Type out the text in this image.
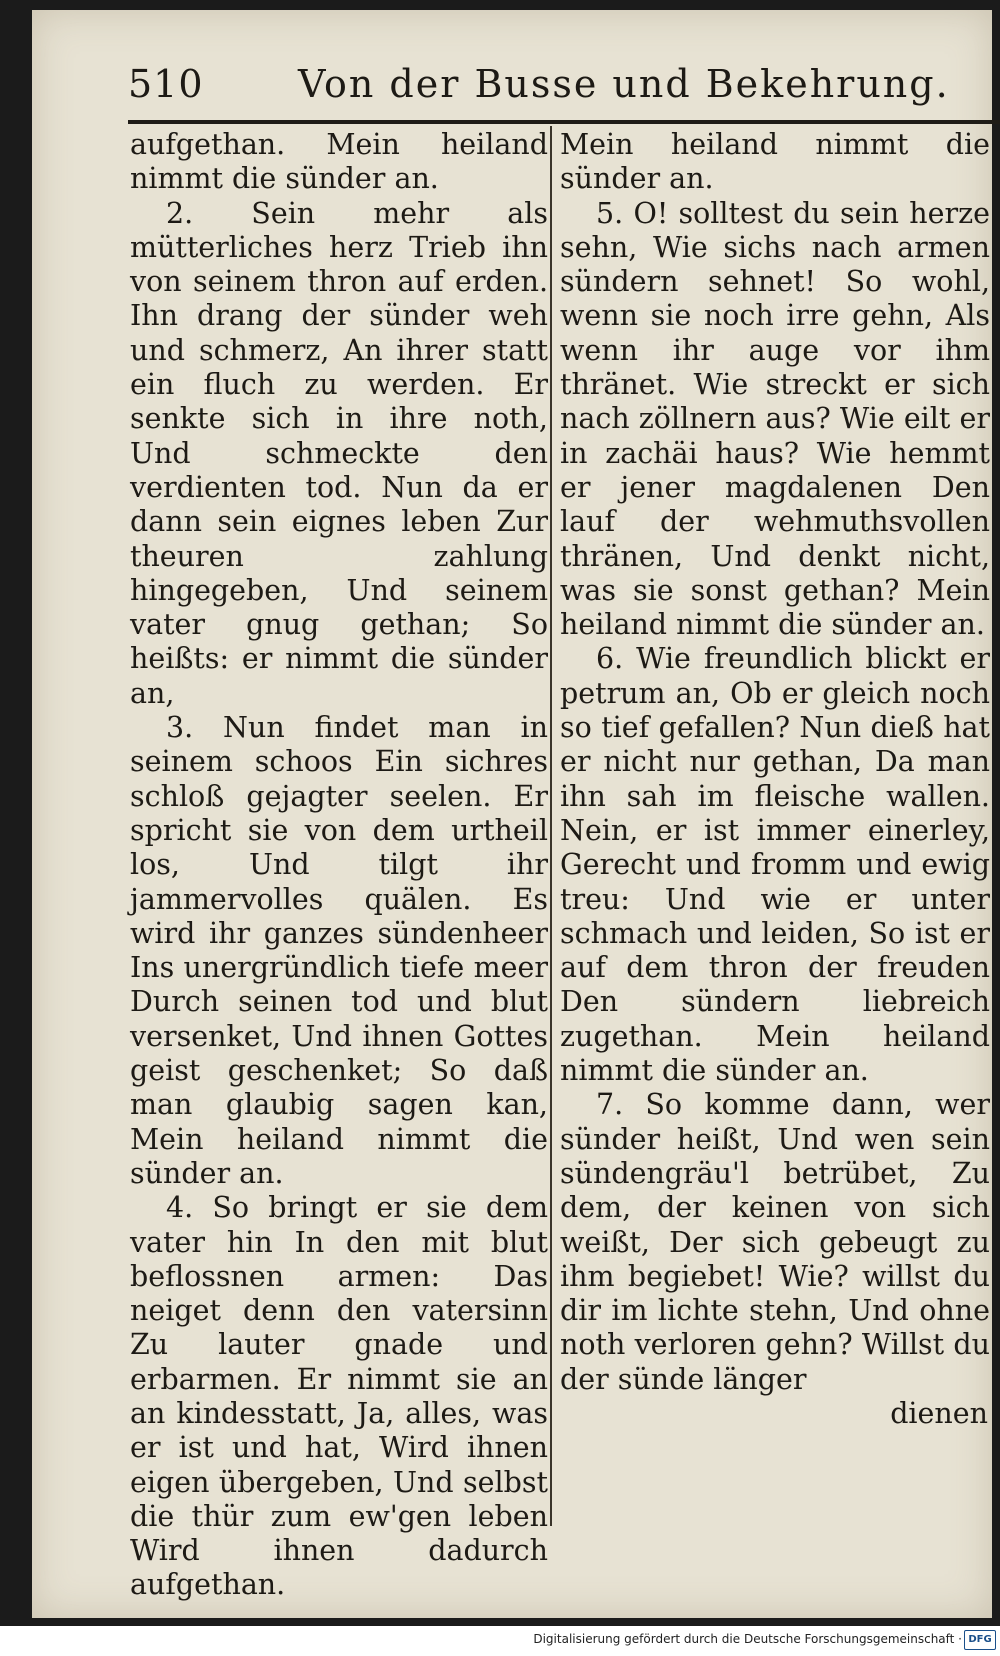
510 Von der Busse und Bekehrung.

aufgethan. Mein heiland nimmt die sünder an.

2. Sein mehr als mütterliches herz Trieb ihn von seinem thron auf erden. Ihn drang der sünder weh und schmerz, An ihrer statt ein fluch zu werden. Er senkte sich in ihre noth, Und schmeckte den verdienten tod. Nun da er dann sein eignes leben Zur theuren zahlung hingegeben, Und seinem vater gnug gethan; So heißts: er nimmt die sünder an,

3. Nun findet man in seinem schoos Ein sichres schloß gejagter seelen. Er spricht sie von dem urtheil los, Und tilgt ihr jammervolles quälen. Es wird ihr ganzes sündenheer Ins unergründlich tiefe meer Durch seinen tod und blut versenket, Und ihnen Gottes geist geschenket; So daß man glaubig sagen kan, Mein heiland nimmt die sünder an.

4. So bringt er sie dem vater hin In den mit blut beflossnen armen: Das neiget denn den vatersinn Zu lauter gnade und erbarmen. Er nimmt sie an an kindesstatt, Ja, alles, was er ist und hat, Wird ihnen eigen übergeben, Und selbst die thür zum ew'gen leben Wird ihnen dadurch aufgethan.

Mein heiland nimmt die sünder an.

5. O! solltest du sein herze sehn, Wie sichs nach armen sündern sehnet! So wohl, wenn sie noch irre gehn, Als wenn ihr auge vor ihm thränet. Wie streckt er sich nach zöllnern aus? Wie eilt er in zachäi haus? Wie hemmt er jener magdalenen Den lauf der wehmuthsvollen thränen, Und denkt nicht, was sie sonst gethan? Mein heiland nimmt die sünder an.

6. Wie freundlich blickt er petrum an, Ob er gleich noch so tief gefallen? Nun dieß hat er nicht nur gethan, Da man ihn sah im fleische wallen. Nein, er ist immer einerley, Gerecht und fromm und ewig treu: Und wie er unter schmach und leiden, So ist er auf dem thron der freuden Den sündern liebreich zugethan. Mein heiland nimmt die sünder an.

7. So komme dann, wer sünder heißt, Und wen sein sündengräu'l betrübet, Zu dem, der keinen von sich weißt, Der sich gebeugt zu ihm begiebet! Wie? willst du dir im lichte stehn, Und ohne noth verloren gehn? Willst du der sünde länger

dienen

Digitalisierung gefördert durch die Deutsche Forschungsgemeinschaft · DFG
